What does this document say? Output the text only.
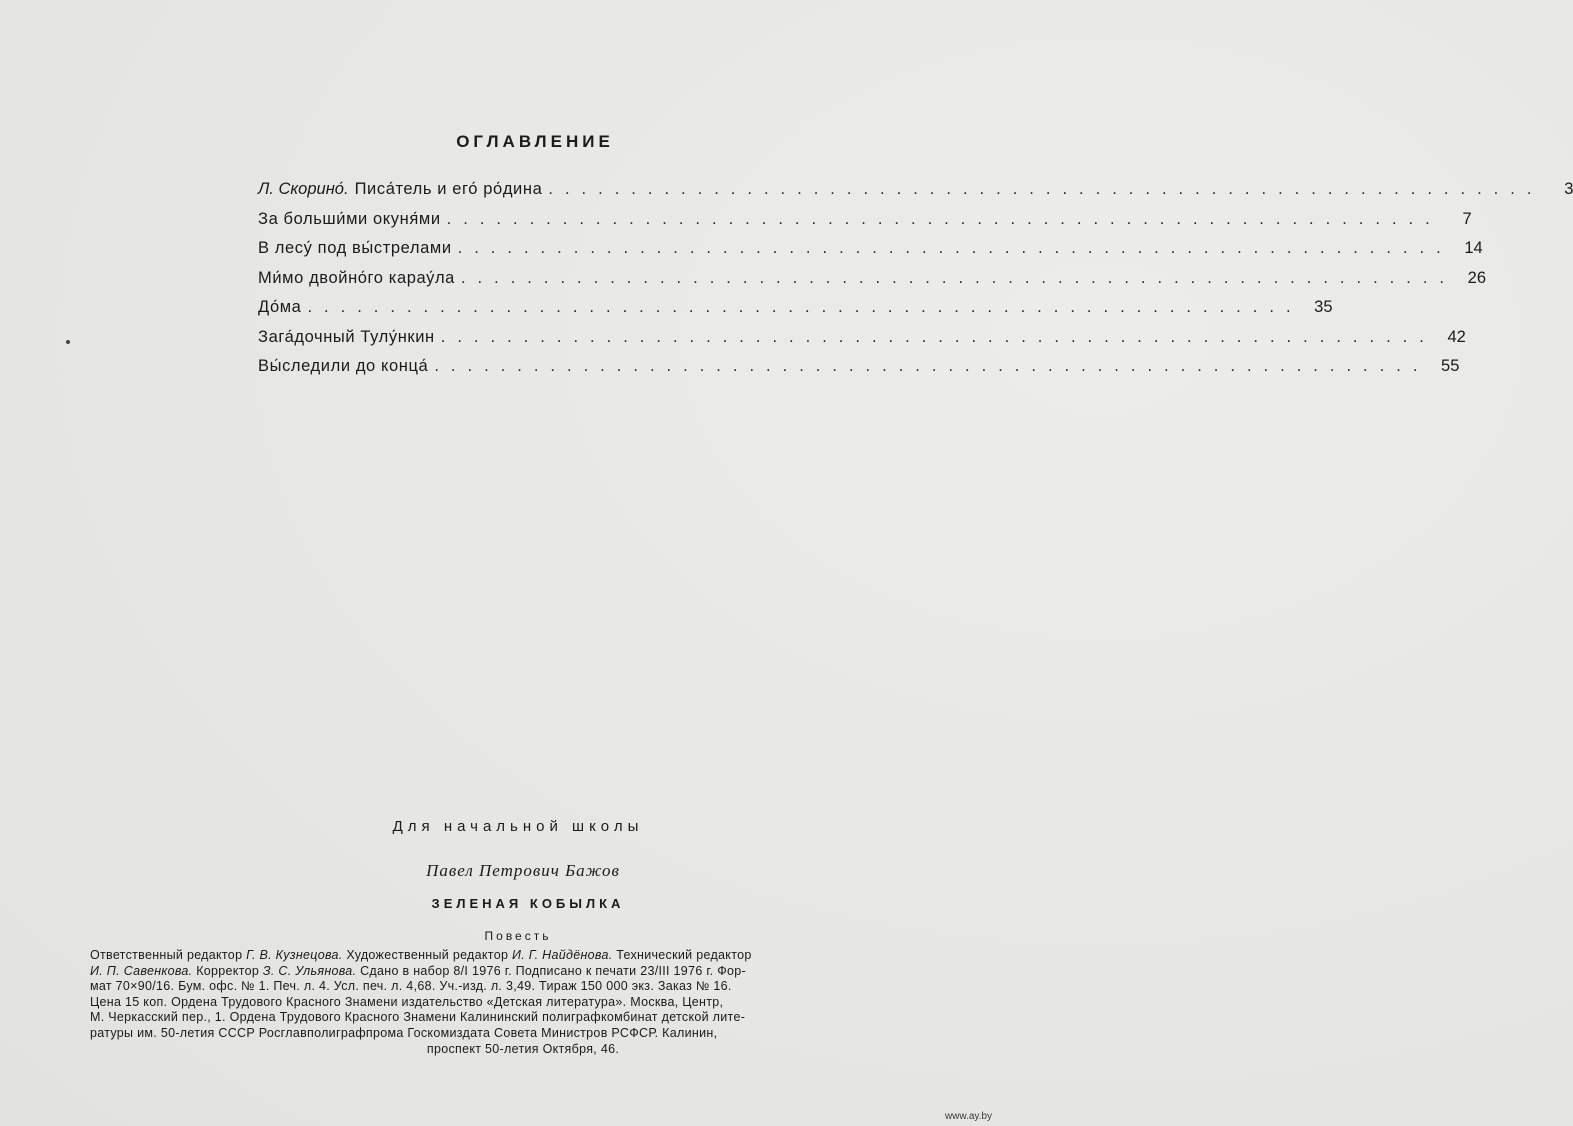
ОГЛАВЛЕНИЕ
Л. Скорино́. Писа́тель и его́ ро́дина ............................................................	3
За больши́ми окуня́ми ............................................................	7
В лесу́ под вы́стрелами ............................................................ 14
Ми́мо двойно́го карау́ла ............................................................ 26
До́ма ............................................................ 35
Зага́дочный Тулу́нкин ............................................................ 42
Вы́следили до конца́ ............................................................ 55
Для начальной школы
Павел Петрович Бажов
ЗЕЛЕНАЯ КОБЫЛКА
Повесть
Ответственный редактор Г. В. Кузнецова. Художественный редактор И. Г. Найдёнова. Технический редактор
И. П. Савенкова. Корректор З. С. Ульянова. Сдано в набор 8/I 1976 г. Подписано к печати 23/III 1976 г. Фор-
мат 70×90/16. Бум. офс. № 1. Печ. л. 4. Усл. печ. л. 4,68. Уч.-изд. л. 3,49. Тираж 150 000 экз. Заказ № 16.
Цена 15 коп. Ордена Трудового Красного Знамени издательство «Детская литература». Москва, Центр,
М. Черкасский пер., 1. Ордена Трудового Красного Знамени Калининский полиграфкомбинат детской лите-
ратуры им. 50-летия СССР Росглавполиграфпрома Госкомиздата Совета Министров РСФСР. Калинин,
проспект 50-летия Октября, 46.
www.ay.by
